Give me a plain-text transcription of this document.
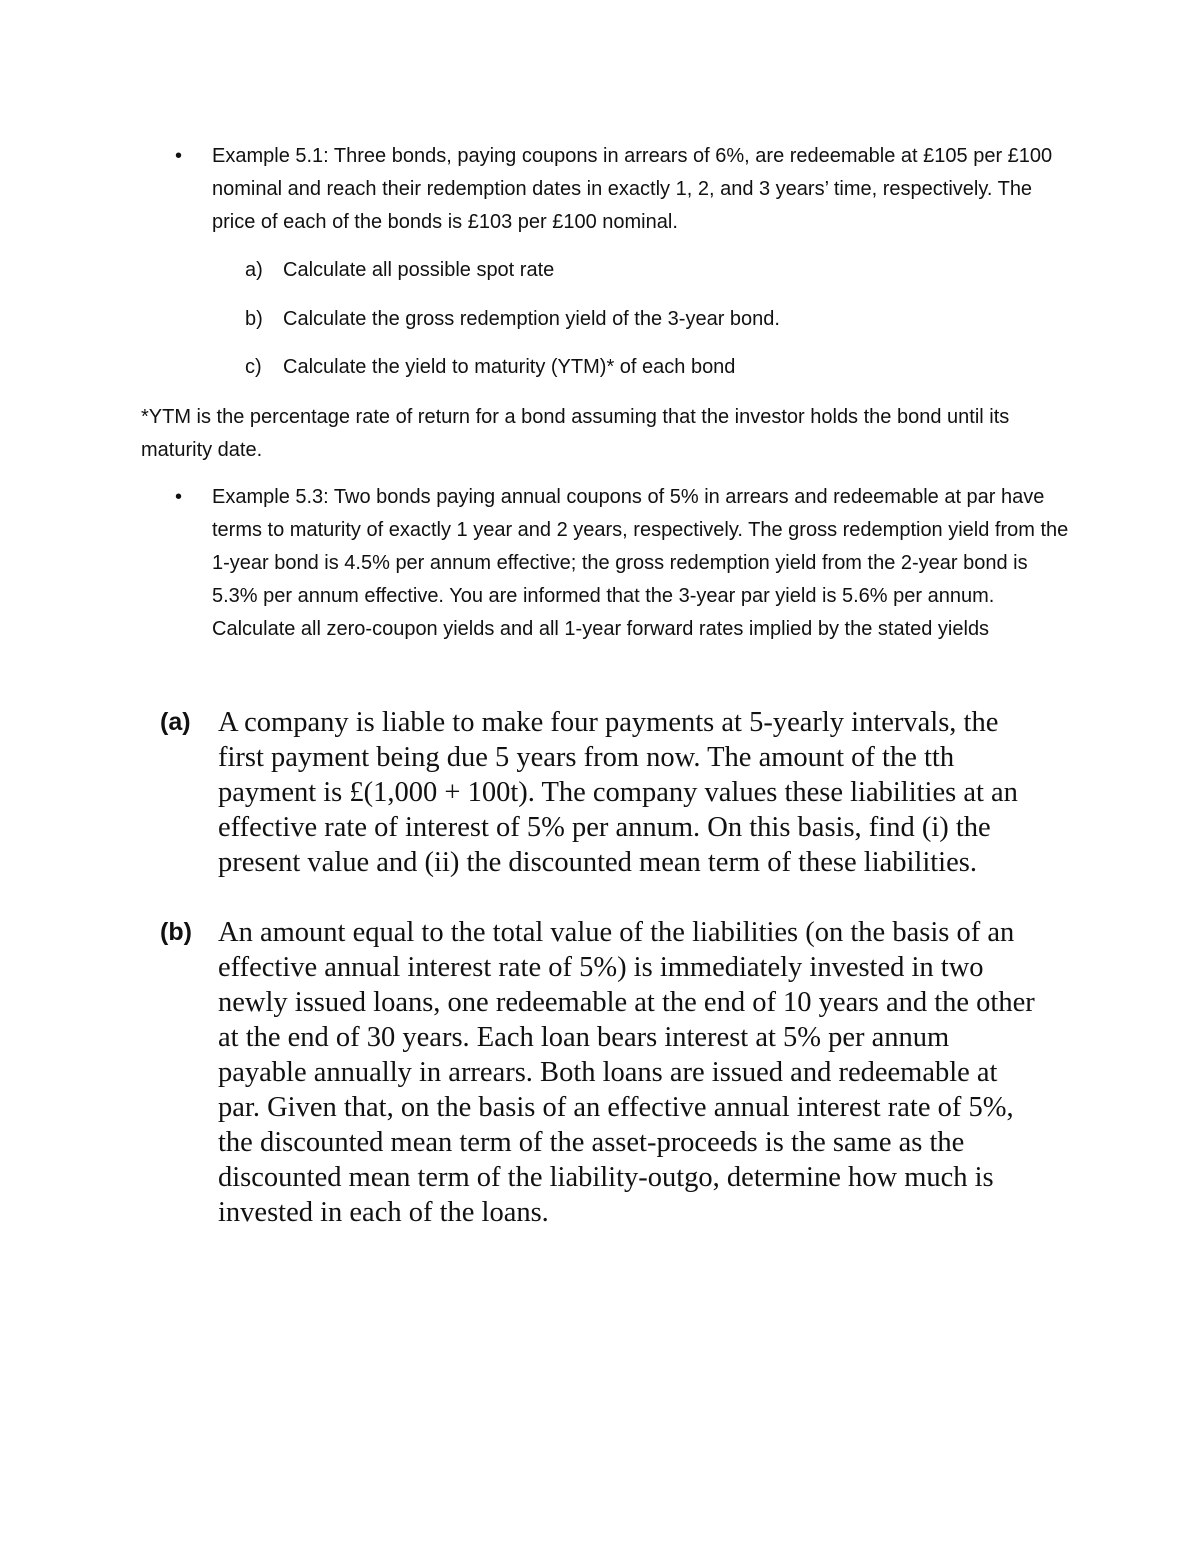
• Example 5.1: Three bonds, paying coupons in arrears of 6%, are redeemable at £105 per £100 nominal and reach their redemption dates in exactly 1, 2, and 3 years’ time, respectively. The price of each of the bonds is £103 per £100 nominal.
a) Calculate all possible spot rate
b) Calculate the gross redemption yield of the 3-year bond.
c) Calculate the yield to maturity (YTM)* of each bond
*YTM is the percentage rate of return for a bond assuming that the investor holds the bond until its maturity date.
• Example 5.3: Two bonds paying annual coupons of 5% in arrears and redeemable at par have terms to maturity of exactly 1 year and 2 years, respectively. The gross redemption yield from the 1-year bond is 4.5% per annum effective; the gross redemption yield from the 2-year bond is 5.3% per annum effective. You are informed that the 3-year par yield is 5.6% per annum. Calculate all zero-coupon yields and all 1-year forward rates implied by the stated yields
(a) A company is liable to make four payments at 5-yearly intervals, the first payment being due 5 years from now. The amount of the tth payment is £(1,000 + 100t). The company values these liabilities at an effective rate of interest of 5% per annum. On this basis, find (i) the present value and (ii) the discounted mean term of these liabilities.
(b) An amount equal to the total value of the liabilities (on the basis of an effective annual interest rate of 5%) is immediately invested in two newly issued loans, one redeemable at the end of 10 years and the other at the end of 30 years. Each loan bears interest at 5% per annum payable annually in arrears. Both loans are issued and redeemable at par. Given that, on the basis of an effective annual interest rate of 5%, the discounted mean term of the asset-proceeds is the same as the discounted mean term of the liability-outgo, determine how much is invested in each of the loans.
